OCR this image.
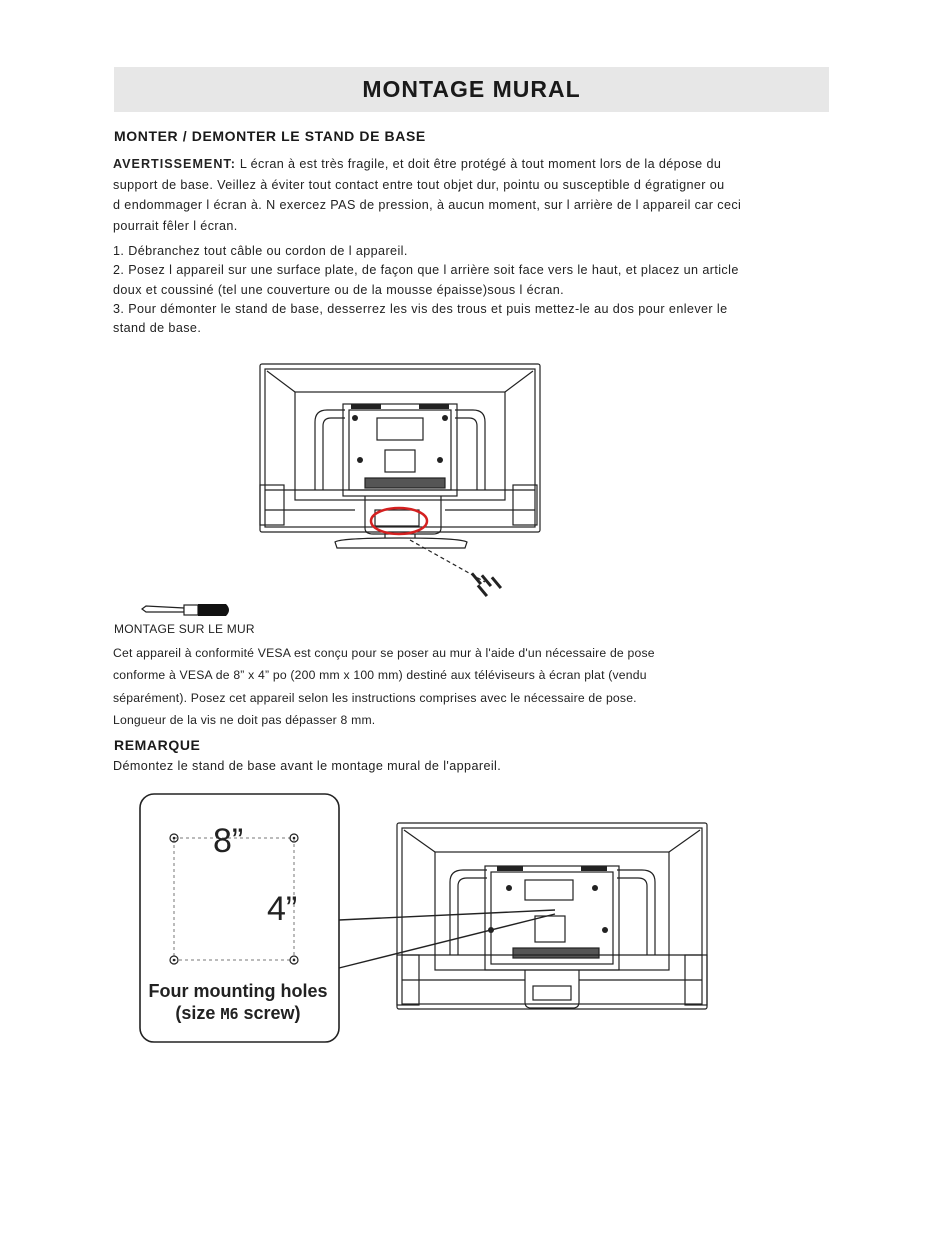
MONTAGE MURAL
MONTER / DEMONTER LE STAND DE BASE

AVERTISSEMENT: L écran à est très fragile, et doit être protégé à tout moment lors de la dépose du
support de base. Veillez à éviter tout contact entre tout objet dur, pointu ou susceptible d égratigner ou
d endommager l écran à. N exercez PAS de pression, à aucun moment, sur l arrière de l appareil car ceci
pourrait fêler l écran.

1. Débranchez tout câble ou cordon de l appareil.
2. Posez l appareil sur une surface plate, de façon que l arrière soit face vers le haut, et placez un article
doux et coussiné (tel une couverture ou de la mousse épaisse)sous l écran.
3. Pour démonter le stand de base, desserrez les vis des trous et puis mettez-le au dos pour enlever le
stand de base.

MONTAGE SUR LE MUR

Cet appareil à conformité VESA est conçu pour se poser au mur à l'aide d'un nécessaire de pose
conforme à VESA de 8” x 4” po (200 mm x 100 mm) destiné aux téléviseurs à écran plat (vendu
séparément). Posez cet appareil selon les instructions comprises avec le nécessaire de pose.
Longueur de la vis ne doit pas dépasser 8 mm.

REMARQUE

Démontez le stand de base avant le montage mural de l'appareil.

8”
4”
Four mounting holes
(size M6 screw)
